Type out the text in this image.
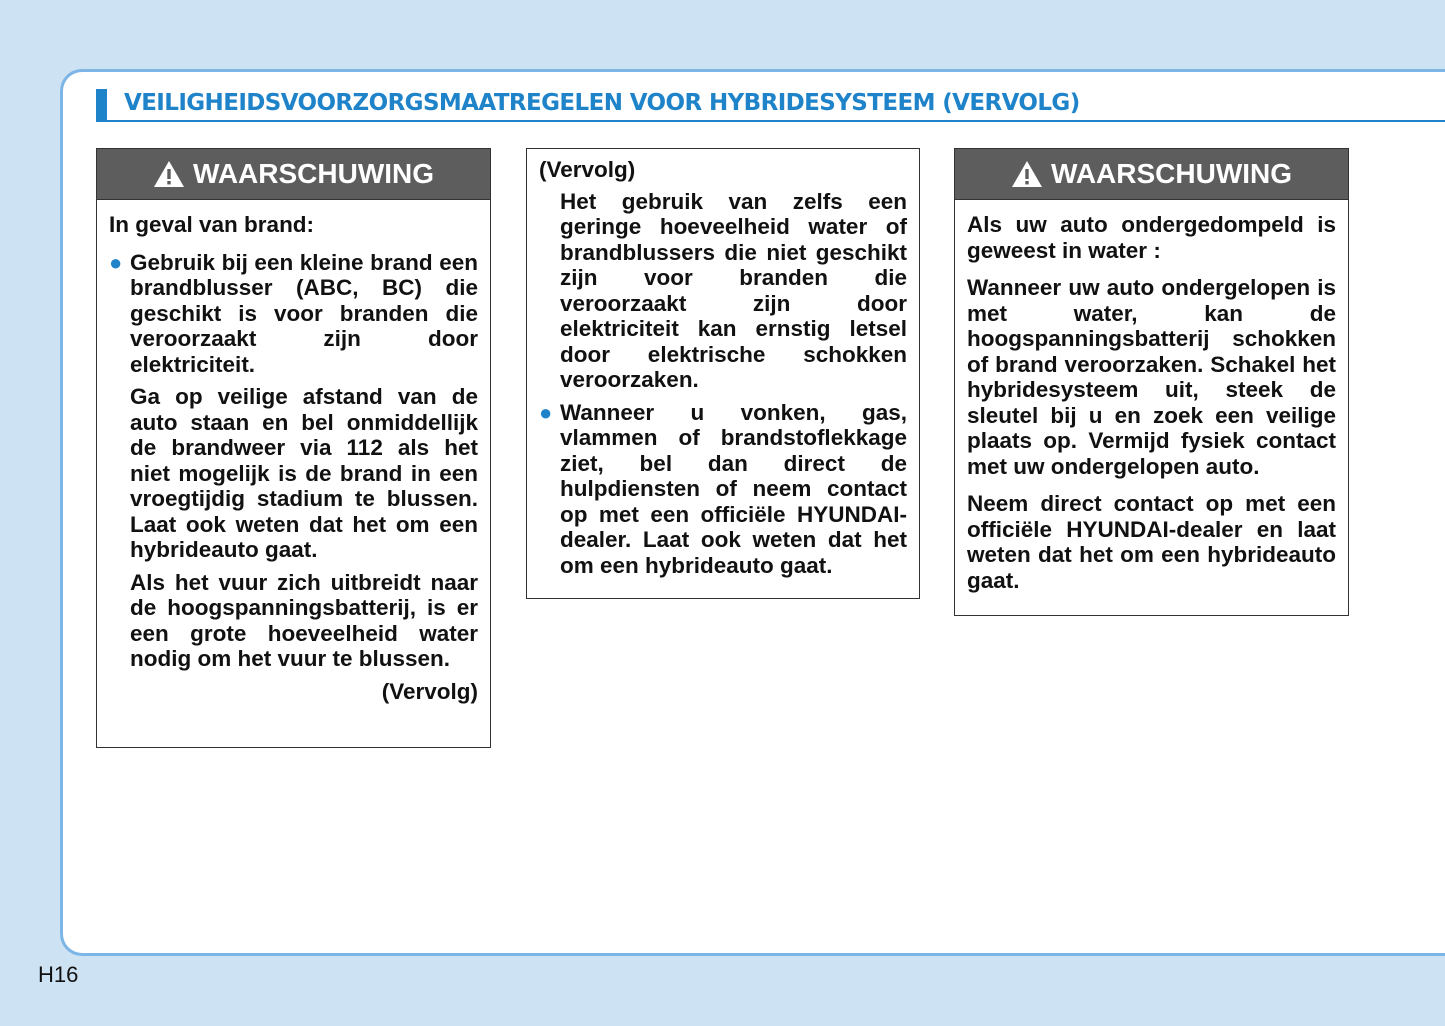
VEILIGHEIDSVOORZORGSMAATREGELEN VOOR HYBRIDESYSTEEM (VERVOLG)
WAARSCHUWING

In geval van brand:

● Gebruik bij een kleine brand een brandblusser (ABC, BC) die geschikt is voor branden die veroorzaakt zijn door elektriciteit.

Ga op veilige afstand van de auto staan en bel onmiddellijk de brandweer via 112 als het niet mogelijk is de brand in een vroegtijdig stadium te blussen. Laat ook weten dat het om een hybrideauto gaat.

Als het vuur zich uitbreidt naar de hoogspanningsbatterij, is er een grote hoeveelheid water nodig om het vuur te blussen.

(Vervolg)

(Vervolg)

Het gebruik van zelfs een geringe hoeveelheid water of brandblussers die niet geschikt zijn voor branden die veroorzaakt zijn door elektriciteit kan ernstig letsel door elektrische schokken veroorzaken.

● Wanneer u vonken, gas, vlammen of brandstoflekkage ziet, bel dan direct de hulpdiensten of neem contact op met een officiële HYUNDAI-dealer. Laat ook weten dat het om een hybrideauto gaat.
WAARSCHUWING

Als uw auto ondergedompeld is geweest in water :

Wanneer uw auto ondergelopen is met water, kan de hoogspanningsbatterij schokken of brand veroorzaken. Schakel het hybridesysteem uit, steek de sleutel bij u en zoek een veilige plaats op. Vermijd fysiek contact met uw ondergelopen auto.

Neem direct contact op met een officiële HYUNDAI-dealer en laat weten dat het om een hybrideauto gaat.

H16
